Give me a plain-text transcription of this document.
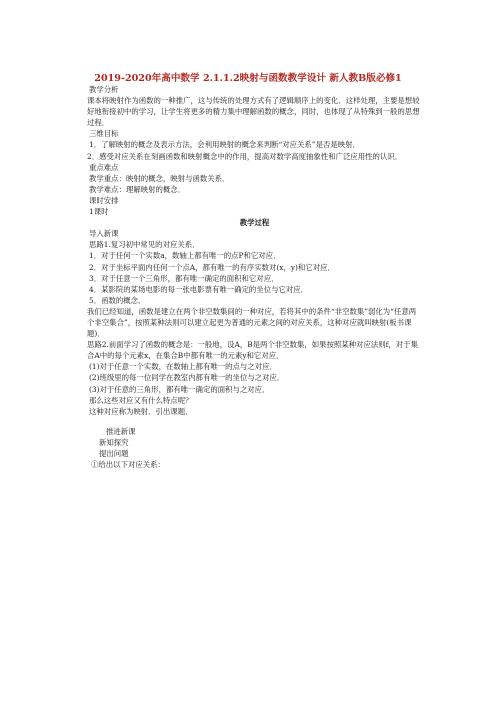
2019-2020年高中数学 2.1.1.2映射与函数教学设计 新人教B版必修1

教学分析

课本将映射作为函数的一种推广，这与传统的处理方式有了逻辑顺序上的变化．这样处理，主要是想较好地衔接初中的学习，让学生将更多的精力集中理解函数的概念，同时，也体现了从特殊到一般的思想过程．

三维目标

1．了解映射的概念及表示方法，会利用映射的概念来判断“对应关系”是否是映射．

2．感受对应关系在刻画函数和映射概念中的作用，提高对数学高度抽象性和广泛应用性的认识．

重点难点

教学重点：映射的概念，映射与函数关系．

教学难点：理解映射的概念．

课时安排

1课时

教学过程

导入新课

思路1.复习初中常见的对应关系．

1．对于任何一个实数a，数轴上都有唯一的点P和它对应．

2．对于坐标平面内任何一个点A，都有唯一的有序实数对(x，y)和它对应．

3．对于任意一个三角形，都有唯一确定的面积和它对应．

4．某影院的某场电影的每一张电影票有唯一确定的坐位与它对应．

5．函数的概念．

我们已经知道，函数是建立在两个非空数集间的一种对应，若将其中的条件“非空数集”弱化为“任意两个非空集合”，按照某种法则可以建立起更为普通的元素之间的对应关系，这种对应就叫映射(板书课题)．

思路2.前面学习了函数的概念是：一般地，设A，B是两个非空数集，如果按照某种对应法则f，对于集合A中的每个元素x，在集合B中都有唯一的元素y和它对应．

(1)对于任意一个实数，在数轴上都有唯一的点与之对应．

(2)班级里的每一位同学在教室内都有唯一的坐位与之对应．

(3)对于任意的三角形，都有唯一确定的面积与之对应．

那么这些对应又有什么特点呢？

这种对应称为映射．引出课题．

推进新课

新知探究

提出问题

①给出以下对应关系：
